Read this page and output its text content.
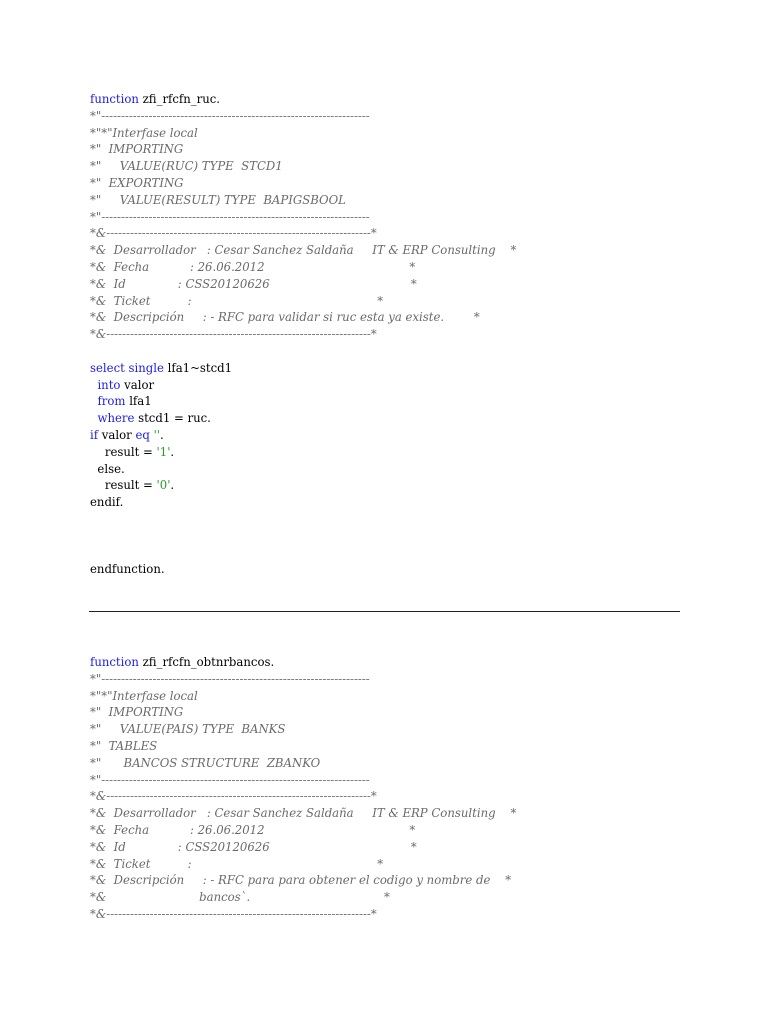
function zfi_rfcfn_ruc.
*"--------------------------------------------------------------------
*"*"Interfase local
*"  IMPORTING
*"     VALUE(RUC) TYPE  STCD1
*"  EXPORTING
*"     VALUE(RESULT) TYPE  BAPIGSBOOL
*"--------------------------------------------------------------------
*&-------------------------------------------------------------------*
*&  Desarrollador   : Cesar Sanchez Saldaña     IT & ERP Consulting    *
*&  Fecha           : 26.06.2012                                       *
*&  Id              : CSS20120626                                      *
*&  Ticket          :                                                  *
*&  Descripción     : - RFC para validar si ruc esta ya existe.        *
*&-------------------------------------------------------------------*

select single lfa1~stcd1
into valor
from lfa1
where stcd1 = ruc.
if valor eq ''.
result = '1'.
else.
result = '0'.
endif.

endfunction.
function zfi_rfcfn_obtnrbancos.
*"--------------------------------------------------------------------
*"*"Interfase local
*"  IMPORTING
*"     VALUE(PAIS) TYPE  BANKS
*"  TABLES
*"      BANCOS STRUCTURE  ZBANKO
*"--------------------------------------------------------------------
*&-------------------------------------------------------------------*
*&  Desarrollador   : Cesar Sanchez Saldaña     IT & ERP Consulting    *
*&  Fecha           : 26.06.2012                                       *
*&  Id              : CSS20120626                                      *
*&  Ticket          :                                                  *
*&  Descripción     : - RFC para para obtener el codigo y nombre de    *
*&                         bancos`.                                    *
*&-------------------------------------------------------------------*
